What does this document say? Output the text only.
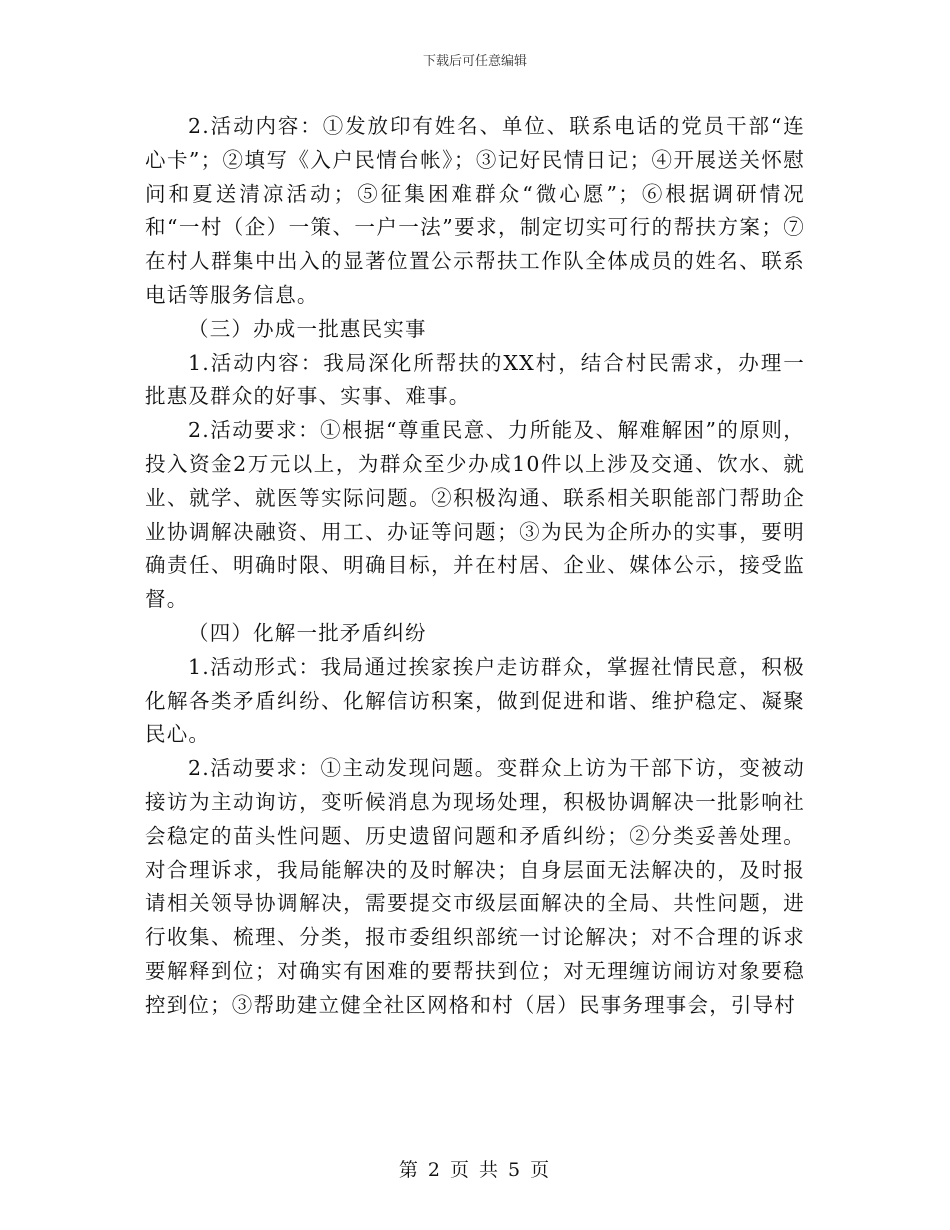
下载后可任意编辑

2.活动内容：①发放印有姓名、单位、联系电话的党员干部“连心卡”；②填写《入户民情台帐》；③记好民情日记；④开展送关怀慰问和夏送清凉活动；⑤征集困难群众“微心愿”；⑥根据调研情况和“一村（企）一策、一户一法”要求，制定切实可行的帮扶方案；⑦在村人群集中出入的显著位置公示帮扶工作队全体成员的姓名、联系电话等服务信息。

（三）办成一批惠民实事

1.活动内容：我局深化所帮扶的XX村，结合村民需求，办理一批惠及群众的好事、实事、难事。

2.活动要求：①根据“尊重民意、力所能及、解难解困”的原则，投入资金2万元以上，为群众至少办成10件以上涉及交通、饮水、就业、就学、就医等实际问题。②积极沟通、联系相关职能部门帮助企业协调解决融资、用工、办证等问题；③为民为企所办的实事，要明确责任、明确时限、明确目标，并在村居、企业、媒体公示，接受监督。

（四）化解一批矛盾纠纷

1.活动形式：我局通过挨家挨户走访群众，掌握社情民意，积极化解各类矛盾纠纷、化解信访积案，做到促进和谐、维护稳定、凝聚民心。

2.活动要求：①主动发现问题。变群众上访为干部下访，变被动接访为主动询访，变听候消息为现场处理，积极协调解决一批影响社会稳定的苗头性问题、历史遗留问题和矛盾纠纷；②分类妥善处理。对合理诉求，我局能解决的及时解决；自身层面无法解决的，及时报请相关领导协调解决，需要提交市级层面解决的全局、共性问题，进行收集、梳理、分类，报市委组织部统一讨论解决；对不合理的诉求要解释到位；对确实有困难的要帮扶到位；对无理缠访闹访对象要稳控到位；③帮助建立健全社区网格和村（居）民事务理事会，引导村

第 2 页 共 5 页
